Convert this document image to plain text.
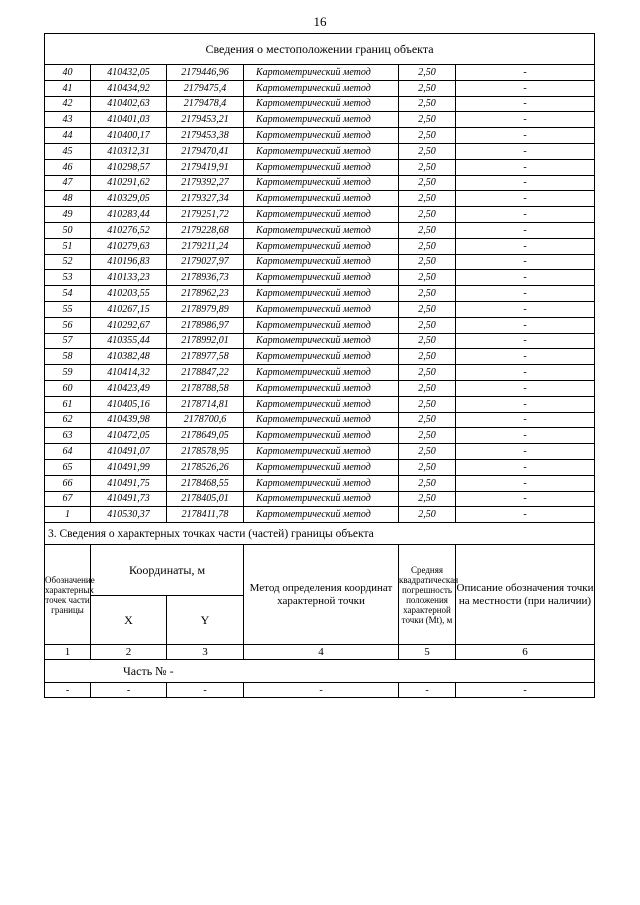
16
Сведения о местоположении границ объекта					
40	410432,05	2179446,96	Картометрический метод	2,50	-
41	410434,92	2179475,4	Картометрический метод	2,50	-
42	410402,63	2179478,4	Картометрический метод	2,50	-
43	410401,03	2179453,21	Картометрический метод	2,50	-
44	410400,17	2179453,38	Картометрический метод	2,50	-
45	410312,31	2179470,41	Картометрический метод	2,50	-
46	410298,57	2179419,91	Картометрический метод	2,50	-
47	410291,62	2179392,27	Картометрический метод	2,50	-
48	410329,05	2179327,34	Картометрический метод	2,50	-
49	410283,44	2179251,72	Картометрический метод	2,50	-
50	410276,52	2179228,68	Картометрический метод	2,50	-
51	410279,63	2179211,24	Картометрический метод	2,50	-
52	410196,83	2179027,97	Картометрический метод	2,50	-
53	410133,23	2178936,73	Картометрический метод	2,50	-
54	410203,55	2178962,23	Картометрический метод	2,50	-
55	410267,15	2178979,89	Картометрический метод	2,50	-
56	410292,67	2178986,97	Картометрический метод	2,50	-
57	410355,44	2178992,01	Картометрический метод	2,50	-
58	410382,48	2178977,58	Картометрический метод	2,50	-
59	410414,32	2178847,22	Картометрический метод	2,50	-
60	410423,49	2178788,58	Картометрический метод	2,50	-
61	410405,16	2178714,81	Картометрический метод	2,50	-
62	410439,98	2178700,6	Картометрический метод	2,50	-
63	410472,05	2178649,05	Картометрический метод	2,50	-
64	410491,07	2178578,95	Картометрический метод	2,50	-
65	410491,99	2178526,26	Картометрический метод	2,50	-
66	410491,75	2178468,55	Картометрический метод	2,50	-
67	410491,73	2178405,01	Картометрический метод	2,50	-
1	410530,37	2178411,78	Картометрический метод	2,50	-
3. Сведения о характерных точках части (частей) границы объекта					
Обозначение характерных точек части границы	Координаты, м		Метод определения координат характерной точки	Средняя квадратическая погрешность положения характерной точки (Мt), м	Описание обозначения точки на местности (при наличии)
	X	Y			
1	2	3	4	5	6
Часть № -					
-	-	-	-	-	-
